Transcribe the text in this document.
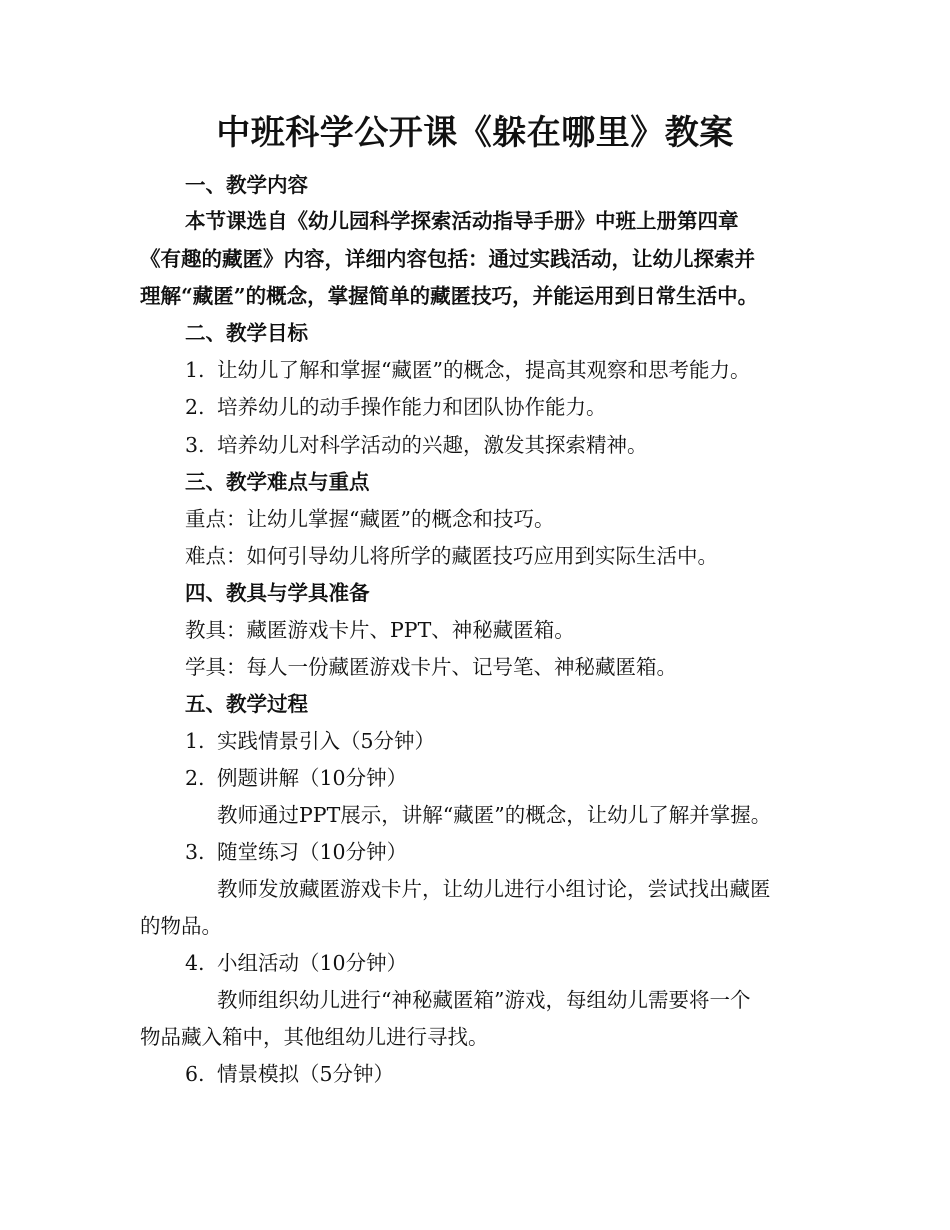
中班科学公开课《躲在哪里》教案
一、教学内容
本节课选自《幼儿园科学探索活动指导手册》中班上册第四章
《有趣的藏匿》内容，详细内容包括：通过实践活动，让幼儿探索并
理解“藏匿”的概念，掌握简单的藏匿技巧，并能运用到日常生活中。
二、教学目标
1. 让幼儿了解和掌握“藏匿”的概念，提高其观察和思考能力。
2. 培养幼儿的动手操作能力和团队协作能力。
3. 培养幼儿对科学活动的兴趣，激发其探索精神。
三、教学难点与重点
重点：让幼儿掌握“藏匿”的概念和技巧。
难点：如何引导幼儿将所学的藏匿技巧应用到实际生活中。
四、教具与学具准备
教具：藏匿游戏卡片、PPT、神秘藏匿箱。
学具：每人一份藏匿游戏卡片、记号笔、神秘藏匿箱。
五、教学过程
1. 实践情景引入（5分钟）
2. 例题讲解（10分钟）
教师通过PPT展示，讲解“藏匿”的概念，让幼儿了解并掌握。
3. 随堂练习（10分钟）
教师发放藏匿游戏卡片，让幼儿进行小组讨论，尝试找出藏匿
的物品。
4. 小组活动（10分钟）
教师组织幼儿进行“神秘藏匿箱”游戏，每组幼儿需要将一个
物品藏入箱中，其他组幼儿进行寻找。
6. 情景模拟（5分钟）
